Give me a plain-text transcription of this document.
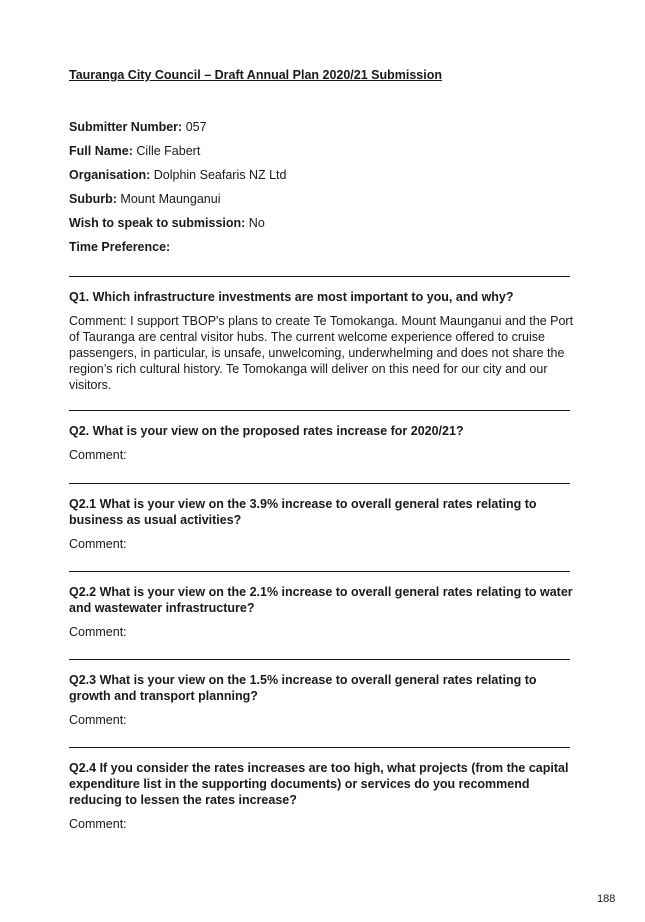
Tauranga City Council – Draft Annual Plan 2020/21 Submission

Submitter Number: 057

Full Name: Cille Fabert

Organisation: Dolphin Seafaris NZ Ltd

Suburb: Mount Maunganui

Wish to speak to submission: No

Time Preference:

Q1. Which infrastructure investments are most important to you, and why?

Comment: I support TBOP's plans to create Te Tomokanga. Mount Maunganui and the Port of Tauranga are central visitor hubs. The current welcome experience offered to cruise passengers, in particular, is unsafe, unwelcoming, underwhelming and does not share the region’s rich cultural history. Te Tomokanga will deliver on this need for our city and our visitors.

Q2. What is your view on the proposed rates increase for 2020/21?

Comment:

Q2.1 What is your view on the 3.9% increase to overall general rates relating to business as usual activities?

Comment:

Q2.2 What is your view on the 2.1% increase to overall general rates relating to water and wastewater infrastructure?

Comment:

Q2.3 What is your view on the 1.5% increase to overall general rates relating to growth and transport planning?

Comment:

Q2.4 If you consider the rates increases are too high, what projects (from the capital expenditure list in the supporting documents) or services do you recommend reducing to lessen the rates increase?

Comment:

188
